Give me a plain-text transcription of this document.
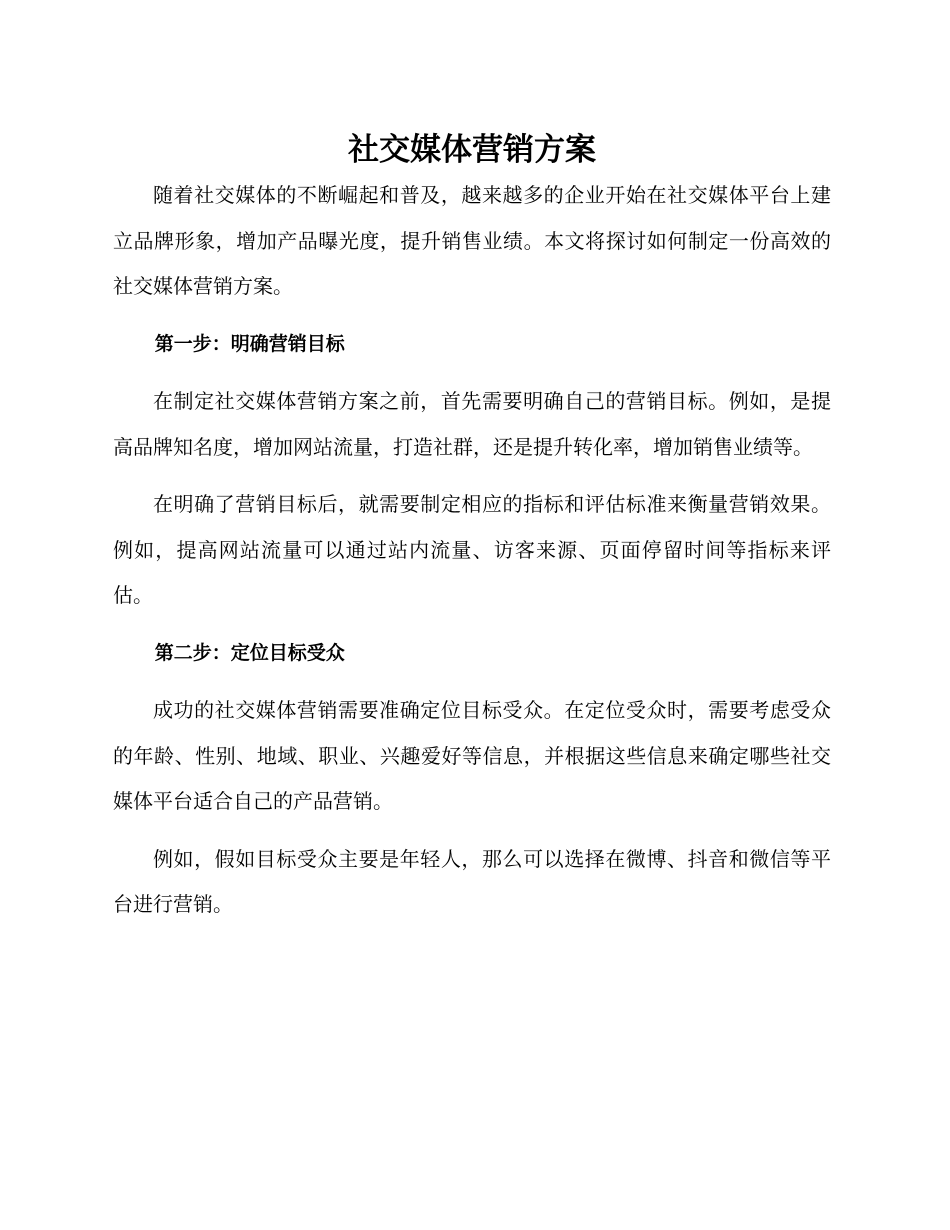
社交媒体营销方案

随着社交媒体的不断崛起和普及，越来越多的企业开始在社交媒体平台上建立品牌形象，增加产品曝光度，提升销售业绩。本文将探讨如何制定一份高效的社交媒体营销方案。

第一步：明确营销目标

在制定社交媒体营销方案之前，首先需要明确自己的营销目标。例如，是提高品牌知名度，增加网站流量，打造社群，还是提升转化率，增加销售业绩等。

在明确了营销目标后，就需要制定相应的指标和评估标准来衡量营销效果。例如，提高网站流量可以通过站内流量、访客来源、页面停留时间等指标来评估。

第二步：定位目标受众

成功的社交媒体营销需要准确定位目标受众。在定位受众时，需要考虑受众的年龄、性别、地域、职业、兴趣爱好等信息，并根据这些信息来确定哪些社交媒体平台适合自己的产品营销。

例如，假如目标受众主要是年轻人，那么可以选择在微博、抖音和微信等平台进行营销。
